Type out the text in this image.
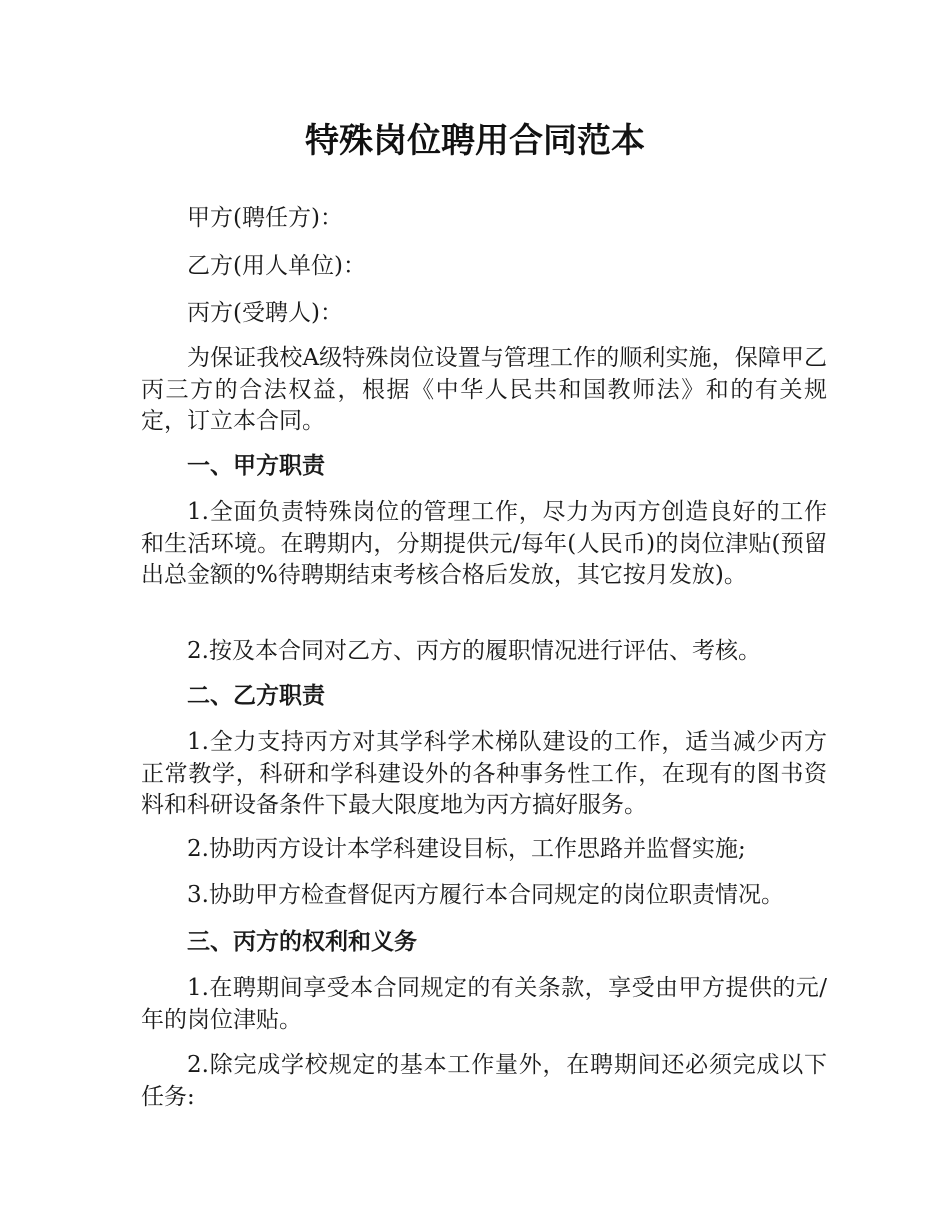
特殊岗位聘用合同范本

甲方(聘任方)：

乙方(用人单位)：

丙方(受聘人)：

为保证我校A级特殊岗位设置与管理工作的顺利实施，保障甲乙丙三方的合法权益，根据《中华人民共和国教师法》和的有关规定，订立本合同。

一、甲方职责

1.全面负责特殊岗位的管理工作，尽力为丙方创造良好的工作和生活环境。在聘期内，分期提供元/每年(人民币)的岗位津贴(预留出总金额的%待聘期结束考核合格后发放，其它按月发放)。

2.按及本合同对乙方、丙方的履职情况进行评估、考核。

二、乙方职责

1.全力支持丙方对其学科学术梯队建设的工作，适当减少丙方正常教学，科研和学科建设外的各种事务性工作，在现有的图书资料和科研设备条件下最大限度地为丙方搞好服务。

2.协助丙方设计本学科建设目标，工作思路并监督实施;

3.协助甲方检查督促丙方履行本合同规定的岗位职责情况。

三、丙方的权利和义务

1.在聘期间享受本合同规定的有关条款，享受由甲方提供的元/年的岗位津贴。

2.除完成学校规定的基本工作量外，在聘期间还必须完成以下任务:
